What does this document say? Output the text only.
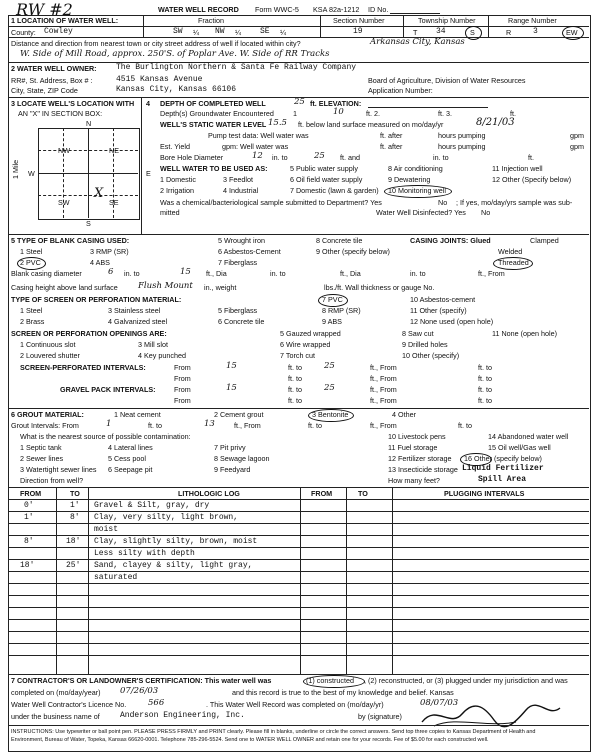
RW #2	WATER WELL RECORD Form WWC-5 KSA 82a-1212 ID No.
1 LOCATION OF WATER WELL:	Fraction	Section Number	Township Number	Range Number
County: Cowley	SW ¼ NW ¼ SE ¼	19	T 34	S	R	3	EW
Distance and direction from nearest town or city street address of well if located within city?	Arkansas City, Kansas
W. Side of Mill Road, approx. 250'S. of Poplar Ave. W. Side of RR Tracks
2 WATER WELL OWNER: The Burlington Northern & Santa Fe Railway Company
RR#, St. Address, Box # :	4515 Kansas Avenue
City, State, ZIP Code	Kansas City, Kansas 66106
Board of Agriculture, Division of Water Resources
Application Number:
3 LOCATE WELL'S LOCATION WITH
AN "X" IN SECTION BOX:
N
S
W	E
NW	NE
SW	SE
X
1 Mile
4 DEPTH OF COMPLETED WELL	25 ft. ELEVATION:
Depth(s) Groundwater Encountered	1	10	ft. 2.	ft. 3.	ft.
WELL'S STATIC WATER LEVEL 15.5 ft. below land surface measured on mo/day/yr	8/21/03
Pump test data: Well water was	ft. after	hours pumping	gpm
Est. Yield	gpm: Well water was	ft. after	hours pumping	gpm
Bore Hole Diameter	12 in. to	25 ft. and	in. to	ft.
WELL WATER TO BE USED AS:	5 Public water supply	8 Air conditioning	11 Injection well
1 Domestic	3 Feedlot	6 Oil field water supply	9 Dewatering	12 Other (Specify below)
2 Irrigation	4 Industrial	7 Domestic (lawn & garden) 10 Monitoring well
Was a chemical/bacteriological sample submitted to Department? Yes	No ; If yes, mo/day/yrs sample was sub-
mitted	Water Well Disinfected? Yes No
5 TYPE OF BLANK CASING USED:
1 Steel	3 RMP (SR)
2 PVC	4 ABS
5 Wrought iron
6 Asbestos-Cement
7 Fiberglass
8 Concrete tile
9 Other (specify below)
CASING JOINTS: Glued	Clamped
Welded
Threaded
Blank casing diameter	6 in. to	15 ft., Dia	in. to	ft., Dia	in. to	ft., From
Casing height above land surface Flush Mount in., weight	lbs./ft. Wall thickness or gauge No.
TYPE OF SCREEN OR PERFORATION MATERIAL:
1 Steel	3 Stainless steel	5 Fiberglass
7 PVC	10 Asbestos-cement
2 Brass	4 Galvanized steel	6 Concrete tile
8 RMP (SR)	11 Other (specify)
9 ABS	12 None used (open hole)
SCREEN OR PERFORATION OPENINGS ARE:	5 Gauzed wrapped	8 Saw cut	11 None (open hole)
1 Continuous slot	3 Mill slot	6 Wire wrapped	9 Drilled holes
2 Louvered shutter	4 Key punched	7 Torch cut	10 Other (specify)
SCREEN-PERFORATED INTERVALS:	From	15	ft. to	25	ft., From	ft. to
From	ft. to	ft., From	ft. to
GRAVEL PACK INTERVALS:	From	15	ft. to	25	ft., From	ft. to
From	ft. to	ft., From	ft. to
6 GROUT MATERIAL:	1 Neat cement	2 Cement grout	3 Bentonite	4 Other
Grout Intervals: From	1	ft. to	13	ft., From	ft. to	ft., From	ft. to
What is the nearest source of possible contamination:	10 Livestock pens	14 Abandoned water well
1 Septic tank	4 Lateral lines	7 Pit privy	11 Fuel storage	15 Oil well/Gas well
2 Sewer lines	5 Cess pool	8 Sewage lagoon	12 Fertilizer storage 16 Other (specify below)
3 Watertight sewer lines 6 Seepage pit	9 Feedyard	13 Insecticide storage Liquid Fertilizer
Direction from well?	How many feet?	Spill Area
FROM	TO	LITHOLOGIC LOG	FROM	TO	PLUGGING INTERVALS
0'	1' Gravel & Silt, gray, dry
1'	8' Clay, very silty, light brown,
moist
8'	18' Clay, slightly silty, brown, moist
Less silty with depth
18'	25' Sand, clayey & silty, light gray,
saturated
7 CONTRACTOR'S OR LANDOWNER'S CERTIFICATION: This water well was	(1) constructed , (2) reconstructed, or (3) plugged under my jurisdiction and was
completed on (mo/day/year) 07/26/03	and this record is true to the best of my knowledge and belief. Kansas
Water Well Contractor's Licence No.	566	. This Water Well Record was completed on (mo/day/yr)	08/07/03
under the business name of	Anderson Engineering, Inc.	by (signature)
INSTRUCTIONS: Use typewriter or ball point pen. PLEASE PRESS FIRMLY and PRINT clearly. Please fill in blanks, underline or circle the correct answers. Send top three copies to Kansas Department of Health and
Environment, Bureau of Water, Topeka, Kansas 66620-0001. Telephone 785-296-5524. Send one to WATER WELL OWNER and retain one for your records. Fee of $5.00 for each constructed well.
